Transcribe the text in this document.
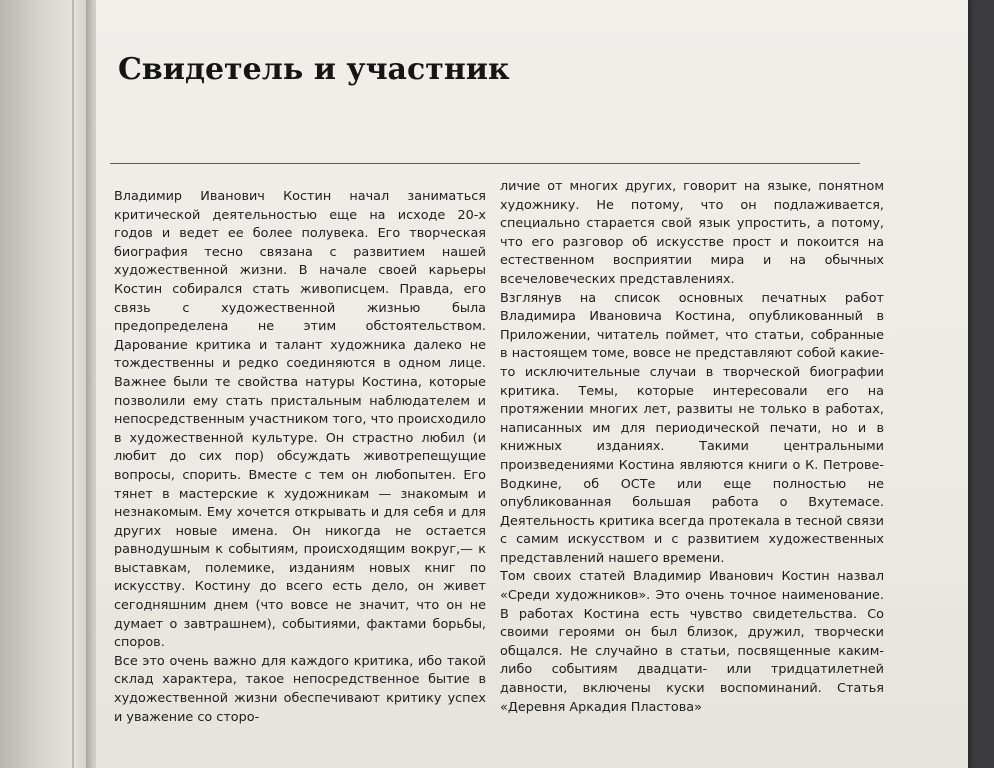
Свидетель и участник

Владимир Иванович Костин начал заниматься критической деятельностью еще на исходе 20-х годов и ведет ее более полувека. Его творческая биография тесно связана с развитием нашей художественной жизни. В начале своей карьеры Костин собирался стать живописцем. Правда, его связь с художественной жизнью была предопределена не этим обстоятельством. Дарование критика и талант художника далеко не тождественны и редко соединяются в одном лице. Важнее были те свойства натуры Костина, которые позволили ему стать пристальным наблюдателем и непосредственным участником того, что происходило в художественной культуре. Он страстно любил (и любит до сих пор) обсуждать животрепещущие вопросы, спорить. Вместе с тем он любопытен. Его тянет в мастерские к художникам — знакомым и незнакомым. Ему хочется открывать и для себя и для других новые имена. Он никогда не остается равнодушным к событиям, происходящим вокруг,— к выставкам, полемике, изданиям новых книг по искусству. Костину до всего есть дело, он живет сегодняшним днем (что вовсе не значит, что он не думает о завтрашнем), событиями, фактами борьбы, споров.
Все это очень важно для каждого критика, ибо такой склад характера, такое непосредственное бытие в художественной жизни обеспечивают критику успех и уважение со сторо-

личие от многих других, говорит на языке, понятном художнику. Не потому, что он подлаживается, специально старается свой язык упростить, а потому, что его разговор об искусстве прост и покоится на естественном восприятии мира и на обычных всечеловеческих представлениях.
Взглянув на список основных печатных работ Владимира Ивановича Костина, опубликованный в Приложении, читатель поймет, что статьи, собранные в настоящем томе, вовсе не представляют собой какие-то исключительные случаи в творческой биографии критика. Темы, которые интересовали его на протяжении многих лет, развиты не только в работах, написанных им для периодической печати, но и в книжных изданиях. Такими центральными произведениями Костина являются книги о К. Петрове-Водкине, об ОСТе или еще полностью не опубликованная большая работа о Вхутемасе. Деятельность критика всегда протекала в тесной связи с самим искусством и с развитием художественных представлений нашего времени.
Том своих статей Владимир Иванович Костин назвал «Среди художников». Это очень точное наименование. В работах Костина есть чувство свидетельства. Со своими героями он был близок, дружил, творчески общался. Не случайно в статьи, посвященные каким-либо событиям двадцати- или тридцатилетней давности, включены куски воспоминаний. Статья «Деревня Аркадия Пластова»
